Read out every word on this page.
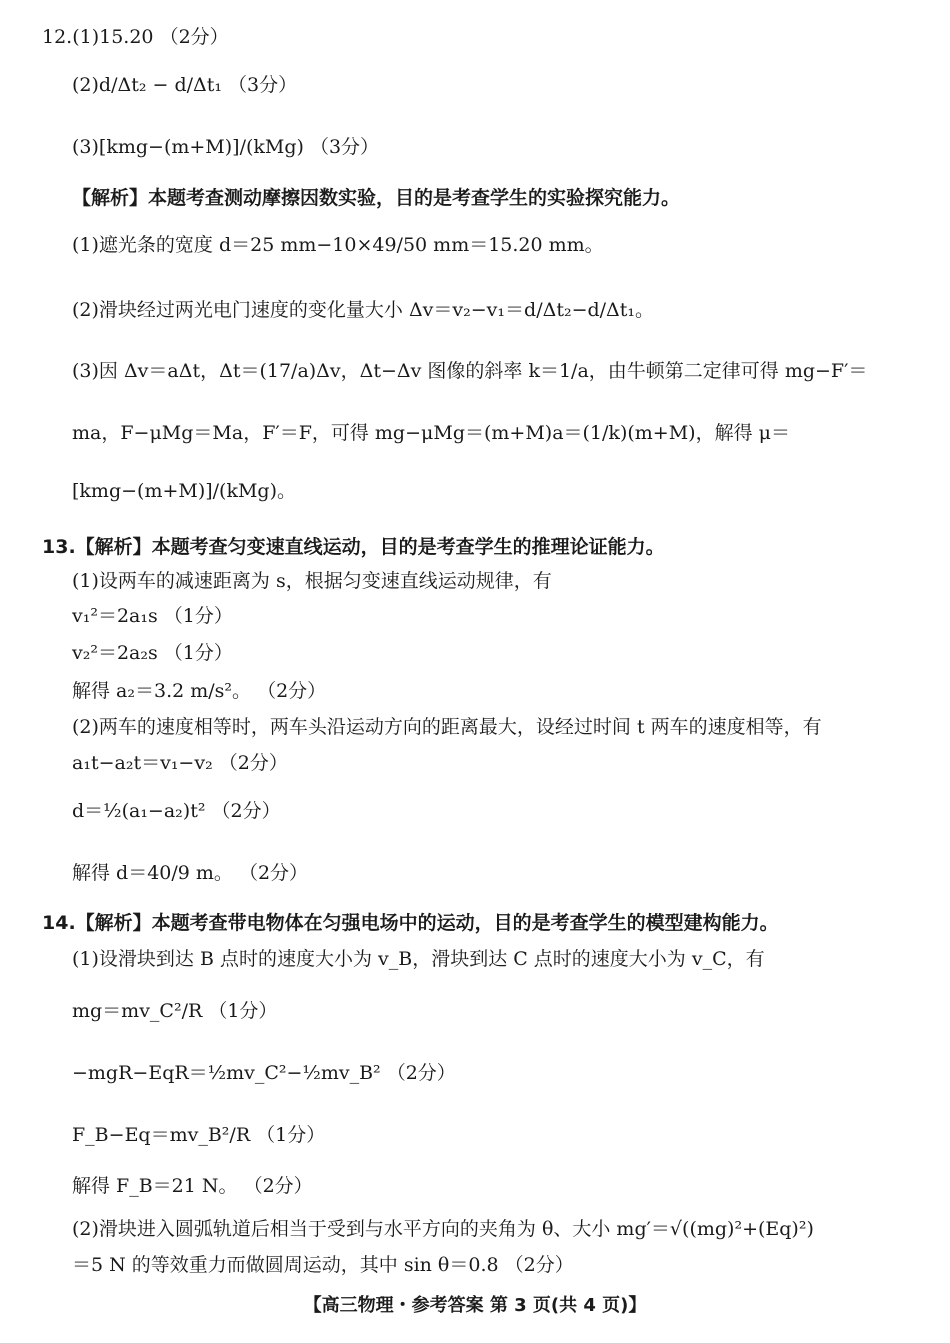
12.(1)15.20 （2分）
(2)d/Δt₂ − d/Δt₁ （3分）
(3)[kmg−(m+M)]/(kMg) （3分）
【解析】本题考查测动摩擦因数实验，目的是考查学生的实验探究能力。
(1)遮光条的宽度 d＝25 mm−10×49/50 mm＝15.20 mm。
(2)滑块经过两光电门速度的变化量大小 Δv＝v₂−v₁＝d/Δt₂−d/Δt₁。
(3)因 Δv＝aΔt，Δt＝(17/a)Δv，Δt−Δv 图像的斜率 k＝1/a，由牛顿第二定律可得 mg−F′＝
ma，F−μMg＝Ma，F′＝F，可得 mg−μMg＝(m+M)a＝(1/k)(m+M)，解得 μ＝
[kmg−(m+M)]/(kMg)。
13.【解析】本题考查匀变速直线运动，目的是考查学生的推理论证能力。
(1)设两车的减速距离为 s，根据匀变速直线运动规律，有
v₁²＝2a₁s （1分）
v₂²＝2a₂s （1分）
解得 a₂＝3.2 m/s²。 （2分）
(2)两车的速度相等时，两车头沿运动方向的距离最大，设经过时间 t 两车的速度相等，有
a₁t−a₂t＝v₁−v₂ （2分）
d＝½(a₁−a₂)t² （2分）
解得 d＝40/9 m。 （2分）
14.【解析】本题考查带电物体在匀强电场中的运动，目的是考查学生的模型建构能力。
(1)设滑块到达 B 点时的速度大小为 v_B，滑块到达 C 点时的速度大小为 v_C，有
mg＝mv_C²/R （1分）
−mgR−EqR＝½mv_C²−½mv_B² （2分）
F_B−Eq＝mv_B²/R （1分）
解得 F_B＝21 N。 （2分）
(2)滑块进入圆弧轨道后相当于受到与水平方向的夹角为 θ、大小 mg′＝√((mg)²+(Eq)²)
＝5 N 的等效重力而做圆周运动，其中 sin θ＝0.8 （2分）
【高三物理・参考答案 第 3 页(共 4 页)】
